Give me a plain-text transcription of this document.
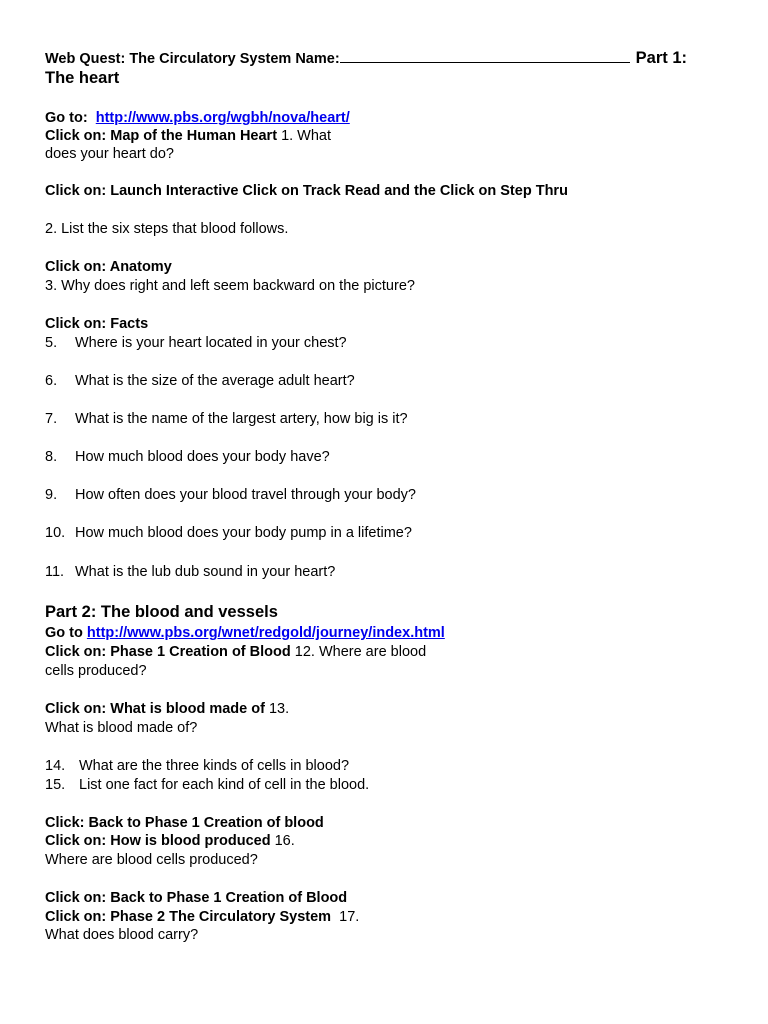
Web Quest: The Circulatory System Name:	Part 1:
The heart
Go to: http://www.pbs.org/wgbh/nova/heart/
Click on: Map of the Human Heart 1. What
does your heart do?
Click on: Launch Interactive Click on Track Read and the Click on Step Thru
2. List the six steps that blood follows.
Click on: Anatomy
3. Why does right and left seem backward on the picture?
Click on: Facts
5. Where is your heart located in your chest?
6. What is the size of the average adult heart?
7. What is the name of the largest artery, how big is it?
8. How much blood does your body have?
9. How often does your blood travel through your body?
10. How much blood does your body pump in a lifetime?
11. What is the lub dub sound in your heart?
Part 2: The blood and vessels
Go to http://www.pbs.org/wnet/redgold/journey/index.html
Click on: Phase 1 Creation of Blood 12. Where are blood
cells produced?
Click on: What is blood made of 13.
What is blood made of?
14. What are the three kinds of cells in blood?
15. List one fact for each kind of cell in the blood.
Click: Back to Phase 1 Creation of blood
Click on: How is blood produced 16.
Where are blood cells produced?
Click on: Back to Phase 1 Creation of Blood
Click on: Phase 2 The Circulatory System 17.
What does blood carry?
